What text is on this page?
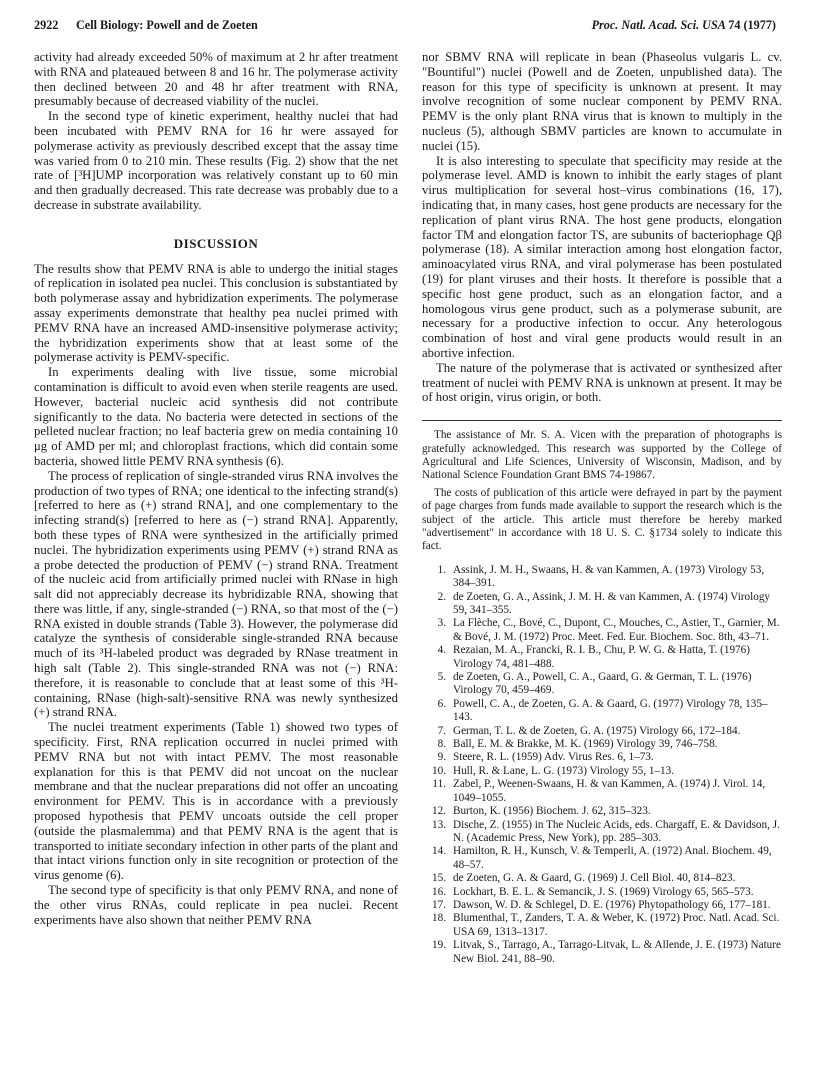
2922 Cell Biology: Powell and de Zoeten	Proc. Natl. Acad. Sci. USA 74 (1977)

activity had already exceeded 50% of maximum at 2 hr after treatment with RNA and plateaued between 8 and 16 hr. The polymerase activity then declined between 20 and 48 hr after treatment with RNA, presumably because of decreased viability of the nuclei.

In the second type of kinetic experiment, healthy nuclei that had been incubated with PEMV RNA for 16 hr were assayed for polymerase activity as previously described except that the assay time was varied from 0 to 210 min. These results (Fig. 2) show that the net rate of [³H]UMP incorporation was relatively constant up to 60 min and then gradually decreased. This rate decrease was probably due to a decrease in substrate availability.

DISCUSSION

The results show that PEMV RNA is able to undergo the initial stages of replication in isolated pea nuclei. This conclusion is substantiated by both polymerase assay and hybridization experiments. The polymerase assay experiments demonstrate that healthy pea nuclei primed with PEMV RNA have an increased AMD-insensitive polymerase activity; the hybridization experiments show that at least some of the polymerase activity is PEMV-specific.

In experiments dealing with live tissue, some microbial contamination is difficult to avoid even when sterile reagents are used. However, bacterial nucleic acid synthesis did not contribute significantly to the data. No bacteria were detected in sections of the pelleted nuclear fraction; no leaf bacteria grew on media containing 10 μg of AMD per ml; and chloroplast fractions, which did contain some bacteria, showed little PEMV RNA synthesis (6).

The process of replication of single-stranded virus RNA involves the production of two types of RNA; one identical to the infecting strand(s) [referred to here as (+) strand RNA], and one complementary to the infecting strand(s) [referred to here as (−) strand RNA]. Apparently, both these types of RNA were synthesized in the artificially primed nuclei. The hybridization experiments using PEMV (+) strand RNA as a probe detected the production of PEMV (−) strand RNA. Treatment of the nucleic acid from artificially primed nuclei with RNase in high salt did not appreciably decrease its hybridizable RNA, showing that there was little, if any, single-stranded (−) RNA, so that most of the (−) RNA existed in double strands (Table 3). However, the polymerase did catalyze the synthesis of considerable single-stranded RNA because much of its ³H-labeled product was degraded by RNase treatment in high salt (Table 2). This single-stranded RNA was not (−) RNA: therefore, it is reasonable to conclude that at least some of this ³H-containing, RNase (high-salt)-sensitive RNA was newly synthesized (+) strand RNA.

The nuclei treatment experiments (Table 1) showed two types of specificity. First, RNA replication occurred in nuclei primed with PEMV RNA but not with intact PEMV. The most reasonable explanation for this is that PEMV did not uncoat on the nuclear membrane and that the nuclear preparations did not offer an uncoating environment for PEMV. This is in accordance with a previously proposed hypothesis that PEMV uncoats outside the cell proper (outside the plasmalemma) and that PEMV RNA is the agent that is transported to initiate secondary infection in other parts of the plant and that intact virions function only in site recognition or protection of the virus genome (6).

The second type of specificity is that only PEMV RNA, and none of the other virus RNAs, could replicate in pea nuclei. Recent experiments have also shown that neither PEMV RNA

nor SBMV RNA will replicate in bean (Phaseolus vulgaris L. cv. "Bountiful") nuclei (Powell and de Zoeten, unpublished data). The reason for this type of specificity is unknown at present. It may involve recognition of some nuclear component by PEMV RNA. PEMV is the only plant RNA virus that is known to multiply in the nucleus (5), although SBMV particles are known to accumulate in nuclei (15).

It is also interesting to speculate that specificity may reside at the polymerase level. AMD is known to inhibit the early stages of plant virus multiplication for several host–virus combinations (16, 17), indicating that, in many cases, host gene products are necessary for the replication of plant virus RNA. The host gene products, elongation factor TM and elongation factor TS, are subunits of bacteriophage Qβ polymerase (18). A similar interaction among host elongation factor, aminoacylated virus RNA, and viral polymerase has been postulated (19) for plant viruses and their hosts. It therefore is possible that a specific host gene product, such as an elongation factor, and a homologous virus gene product, such as a polymerase subunit, are necessary for a productive infection to occur. Any heterologous combination of host and viral gene products would result in an abortive infection.

The nature of the polymerase that is activated or synthesized after treatment of nuclei with PEMV RNA is unknown at present. It may be of host origin, virus origin, or both.

The assistance of Mr. S. A. Vicen with the preparation of photographs is gratefully acknowledged. This research was supported by the College of Agricultural and Life Sciences, University of Wisconsin, Madison, and by National Science Foundation Grant BMS 74-19867.

The costs of publication of this article were defrayed in part by the payment of page charges from funds made available to support the research which is the subject of the article. This article must therefore be hereby marked "advertisement" in accordance with 18 U. S. C. §1734 solely to indicate this fact.

1. Assink, J. M. H., Swaans, H. & van Kammen, A. (1973) Virology 53, 384–391.
2. de Zoeten, G. A., Assink, J. M. H. & van Kammen, A. (1974) Virology 59, 341–355.
3. La Flèche, C., Bové, C., Dupont, C., Mouches, C., Astier, T., Garnier, M. & Bové, J. M. (1972) Proc. Meet. Fed. Eur. Biochem. Soc. 8th, 43–71.
4. Rezaian, M. A., Francki, R. I. B., Chu, P. W. G. & Hatta, T. (1976) Virology 74, 481–488.
5. de Zoeten, G. A., Powell, C. A., Gaard, G. & German, T. L. (1976) Virology 70, 459–469.
6. Powell, C. A., de Zoeten, G. A. & Gaard, G. (1977) Virology 78, 135–143.
7. German, T. L. & de Zoeten, G. A. (1975) Virology 66, 172–184.
8. Ball, E. M. & Brakke, M. K. (1969) Virology 39, 746–758.
9. Steere, R. L. (1959) Adv. Virus Res. 6, 1–73.
10. Hull, R. & Lane, L. G. (1973) Virology 55, 1–13.
11. Zabel, P., Weenen-Swaans, H. & van Kammen, A. (1974) J. Virol. 14, 1049–1055.
12. Burton, K. (1956) Biochem. J. 62, 315–323.
13. Dische, Z. (1955) in The Nucleic Acids, eds. Chargaff, E. & Davidson, J. N. (Academic Press, New York), pp. 285–303.
14. Hamilton, R. H., Kunsch, V. & Temperli, A. (1972) Anal. Biochem. 49, 48–57.
15. de Zoeten, G. A. & Gaard, G. (1969) J. Cell Biol. 40, 814–823.
16. Lockhart, B. E. L. & Semancik, J. S. (1969) Virology 65, 565–573.
17. Dawson, W. D. & Schlegel, D. E. (1976) Phytopathology 66, 177–181.
18. Blumenthal, T., Zanders, T. A. & Weber, K. (1972) Proc. Natl. Acad. Sci. USA 69, 1313–1317.
19. Litvak, S., Tarrago, A., Tarrago-Litvak, L. & Allende, J. E. (1973) Nature New Biol. 241, 88–90.
